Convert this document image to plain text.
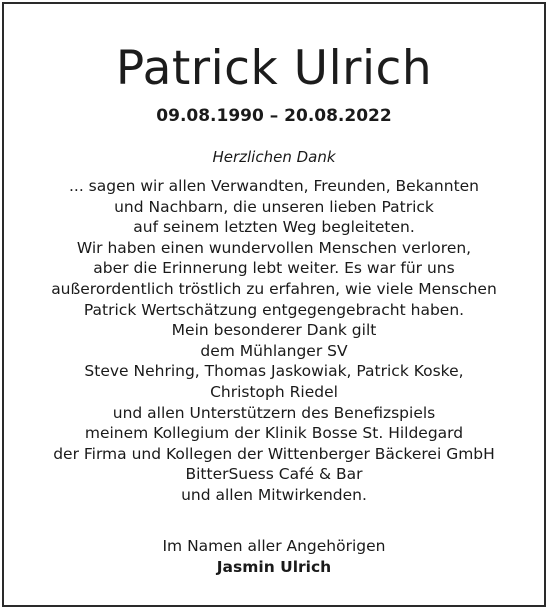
Patrick Ulrich
09.08.1990 – 20.08.2022
Herzlichen Dank
... sagen wir allen Verwandten, Freunden, Bekannten
und Nachbarn, die unseren lieben Patrick
auf seinem letzten Weg begleiteten.
Wir haben einen wundervollen Menschen verloren,
aber die Erinnerung lebt weiter. Es war für uns
außerordentlich tröstlich zu erfahren, wie viele Menschen
Patrick Wertschätzung entgegengebracht haben.
Mein besonderer Dank gilt
dem Mühlanger SV
Steve Nehring, Thomas Jaskowiak, Patrick Koske,
Christoph Riedel
und allen Unterstützern des Benefizspiels
meinem Kollegium der Klinik Bosse St. Hildegard
der Firma und Kollegen der Wittenberger Bäckerei GmbH
BitterSuess Café & Bar
und allen Mitwirkenden.
Im Namen aller Angehörigen
Jasmin Ulrich
